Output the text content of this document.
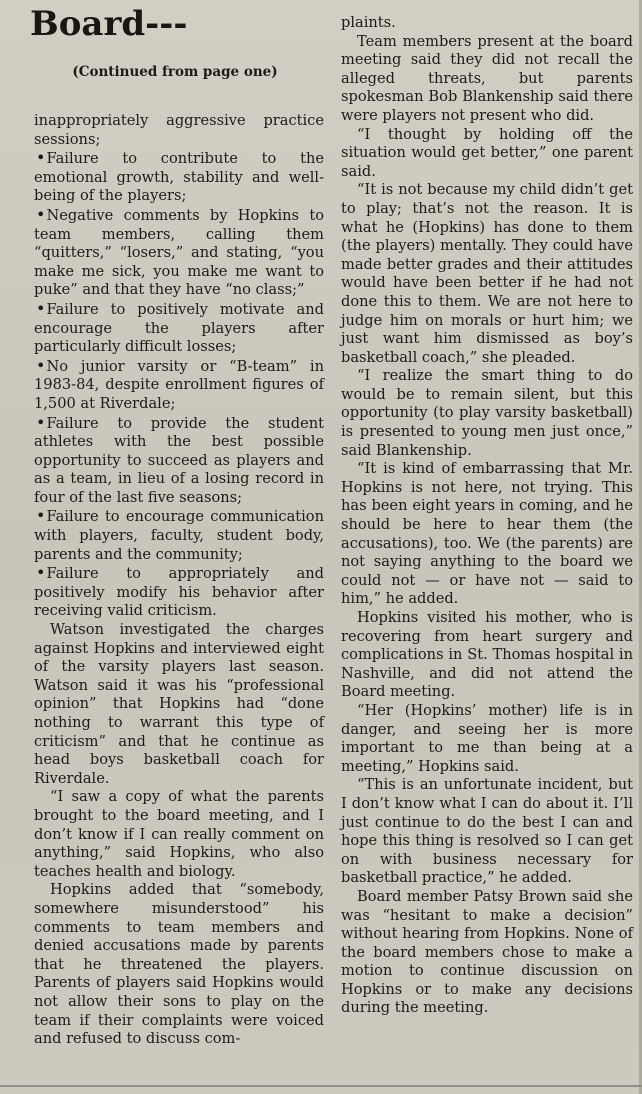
Board---
(Continued from page one)

inappropriately aggressive practice sessions;

• Failure to contribute to the emotional growth, stability and well-being of the players;

• Negative comments by Hopkins to team members, calling them “quitters,” “losers,” and stating, “you make me sick, you make me want to puke” and that they have “no class;”

• Failure to positively motivate and encourage the players after particularly difficult losses;

• No junior varsity or “B-team” in 1983-84, despite enrollment figures of 1,500 at Riverdale;

• Failure to provide the student athletes with the best possible opportunity to succeed as players and as a team, in lieu of a losing record in four of the last five seasons;

• Failure to encourage communication with players, faculty, student body, parents and the community;

• Failure to appropriately and positively modify his behavior after receiving valid criticism.

Watson investigated the charges against Hopkins and interviewed eight of the varsity players last season. Watson said it was his “professional opinion” that Hopkins had “done nothing to warrant this type of criticism” and that he continue as head boys basketball coach for Riverdale.

“I saw a copy of what the parents brought to the board meeting, and I don’t know if I can really comment on anything,” said Hopkins, who also teaches health and biology.

Hopkins added that “somebody, somewhere misunderstood” his comments to team members and denied accusations made by parents that he threatened the players. Parents of players said Hopkins would not allow their sons to play on the team if their complaints were voiced and refused to discuss com-

plaints.

Team members present at the board meeting said they did not recall the alleged threats, but parents spokesman Bob Blankenship said there were players not present who did.

“I thought by holding off the situation would get better,” one parent said.

“It is not because my child didn’t get to play; that’s not the reason. It is what he (Hopkins) has done to them (the players) mentally. They could have made better grades and their attitudes would have been better if he had not done this to them. We are not here to judge him on morals or hurt him; we just want him dismissed as boy’s basketball coach,” she pleaded.

“I realize the smart thing to do would be to remain silent, but this opportunity (to play varsity basketball) is presented to young men just once,” said Blankenship.

“It is kind of embarrassing that Mr. Hopkins is not here, not trying. This has been eight years in coming, and he should be here to hear them (the accusations), too. We (the parents) are not saying anything to the board we could not — or have not — said to him,” he added.

Hopkins visited his mother, who is recovering from heart surgery and complications in St. Thomas hospital in Nashville, and did not attend the Board meeting.

“Her (Hopkins’ mother) life is in danger, and seeing her is more important to me than being at a meeting,” Hopkins said.

“This is an unfortunate incident, but I don’t know what I can do about it. I’ll just continue to do the best I can and hope this thing is resolved so I can get on with business necessary for basketball practice,” he added.

Board member Patsy Brown said she was “hesitant to make a decision” without hearing from Hopkins. None of the board members chose to make a motion to continue discussion on Hopkins or to make any decisions during the meeting.
